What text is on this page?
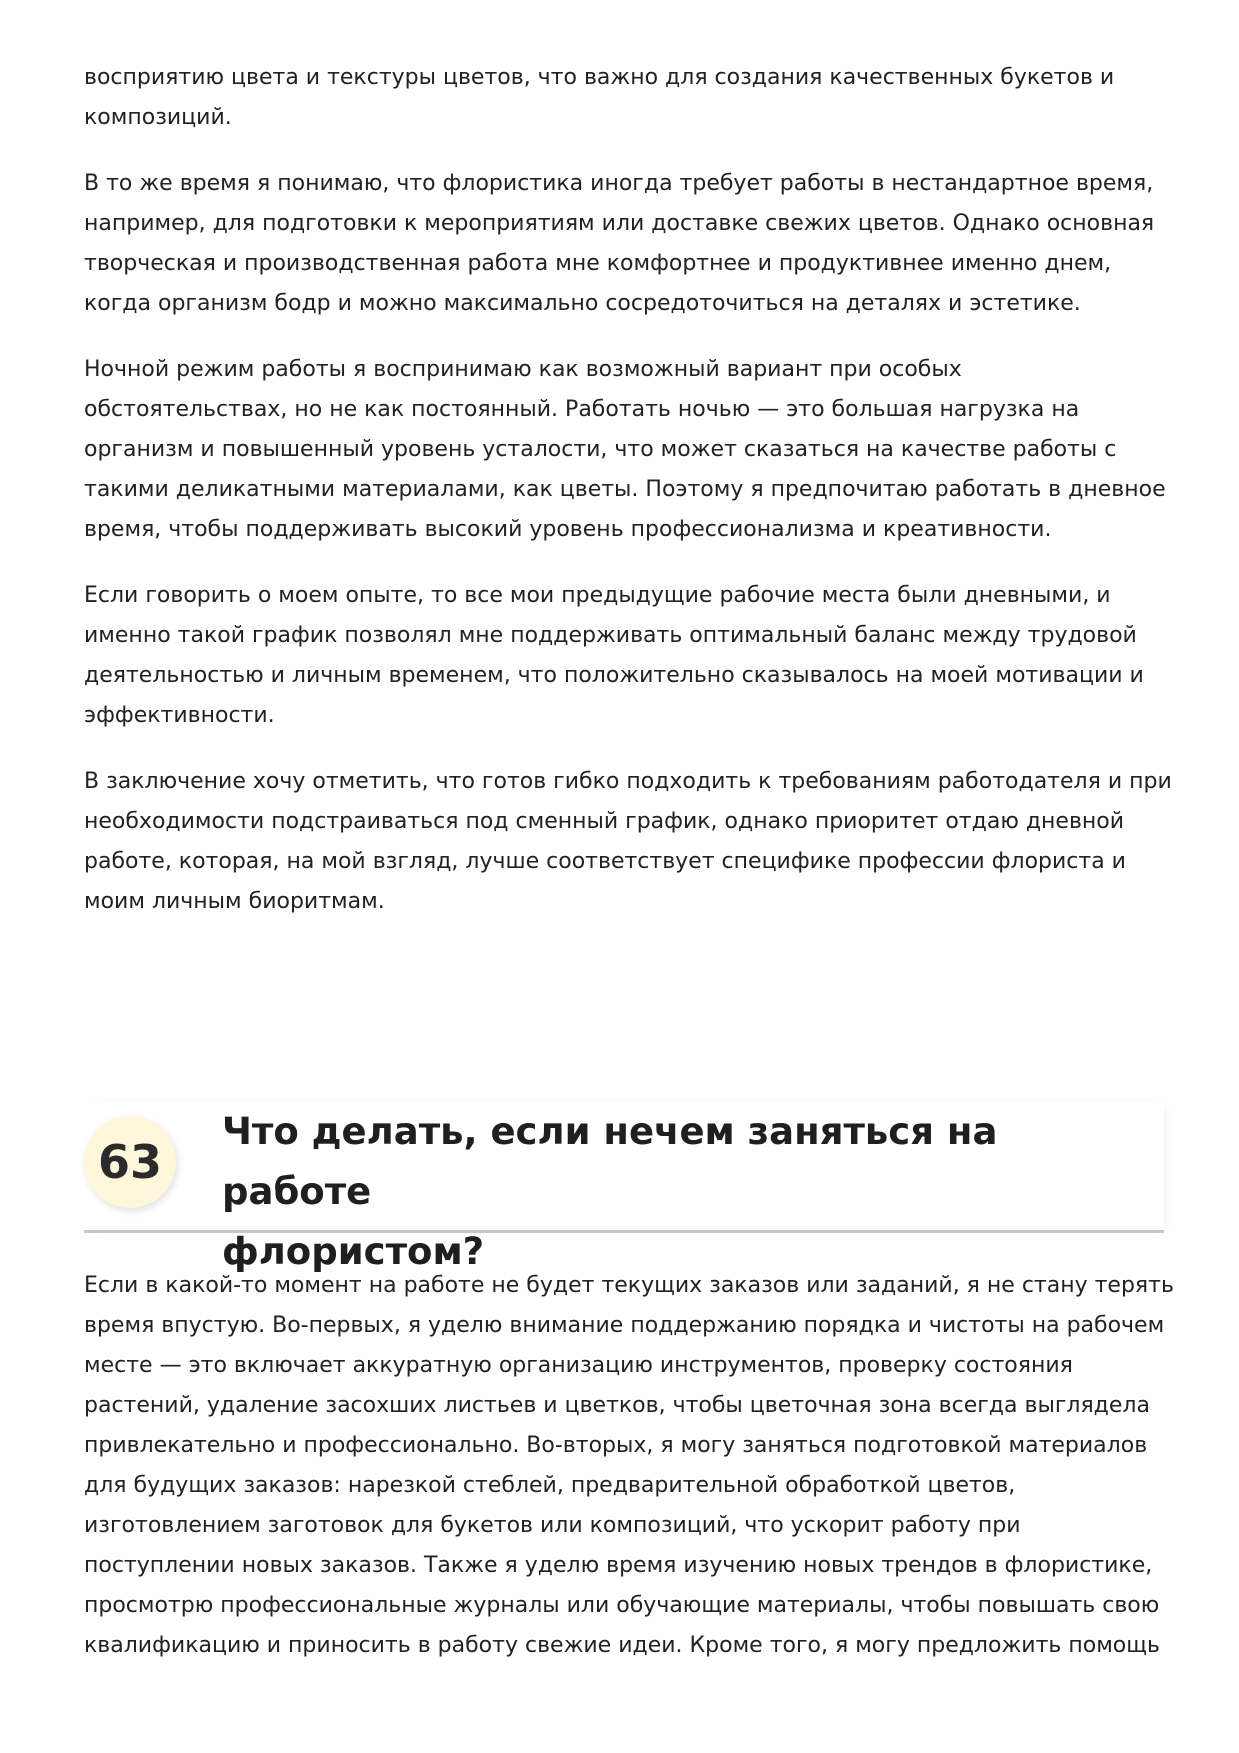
восприятию цвета и текстуры цветов, что важно для создания качественных букетов и
композиций.

В то же время я понимаю, что флористика иногда требует работы в нестандартное время,
например, для подготовки к мероприятиям или доставке свежих цветов. Однако основная
творческая и производственная работа мне комфортнее и продуктивнее именно днем,
когда организм бодр и можно максимально сосредоточиться на деталях и эстетике.

Ночной режим работы я воспринимаю как возможный вариант при особых
обстоятельствах, но не как постоянный. Работать ночью — это большая нагрузка на
организм и повышенный уровень усталости, что может сказаться на качестве работы с
такими деликатными материалами, как цветы. Поэтому я предпочитаю работать в дневное
время, чтобы поддерживать высокий уровень профессионализма и креативности.

Если говорить о моем опыте, то все мои предыдущие рабочие места были дневными, и
именно такой график позволял мне поддерживать оптимальный баланс между трудовой
деятельностью и личным временем, что положительно сказывалось на моей мотивации и
эффективности.

В заключение хочу отметить, что готов гибко подходить к требованиям работодателя и при
необходимости подстраиваться под сменный график, однако приоритет отдаю дневной
работе, которая, на мой взгляд, лучше соответствует специфике профессии флориста и
моим личным биоритмам.

63
Что делать, если нечем заняться на работе
флористом?

Если в какой-то момент на работе не будет текущих заказов или заданий, я не стану терять
время впустую. Во-первых, я уделю внимание поддержанию порядка и чистоты на рабочем
месте — это включает аккуратную организацию инструментов, проверку состояния
растений, удаление засохших листьев и цветков, чтобы цветочная зона всегда выглядела
привлекательно и профессионально. Во-вторых, я могу заняться подготовкой материалов
для будущих заказов: нарезкой стеблей, предварительной обработкой цветов,
изготовлением заготовок для букетов или композиций, что ускорит работу при
поступлении новых заказов. Также я уделю время изучению новых трендов в флористике,
просмотрю профессиональные журналы или обучающие материалы, чтобы повышать свою
квалификацию и приносить в работу свежие идеи. Кроме того, я могу предложить помощь
